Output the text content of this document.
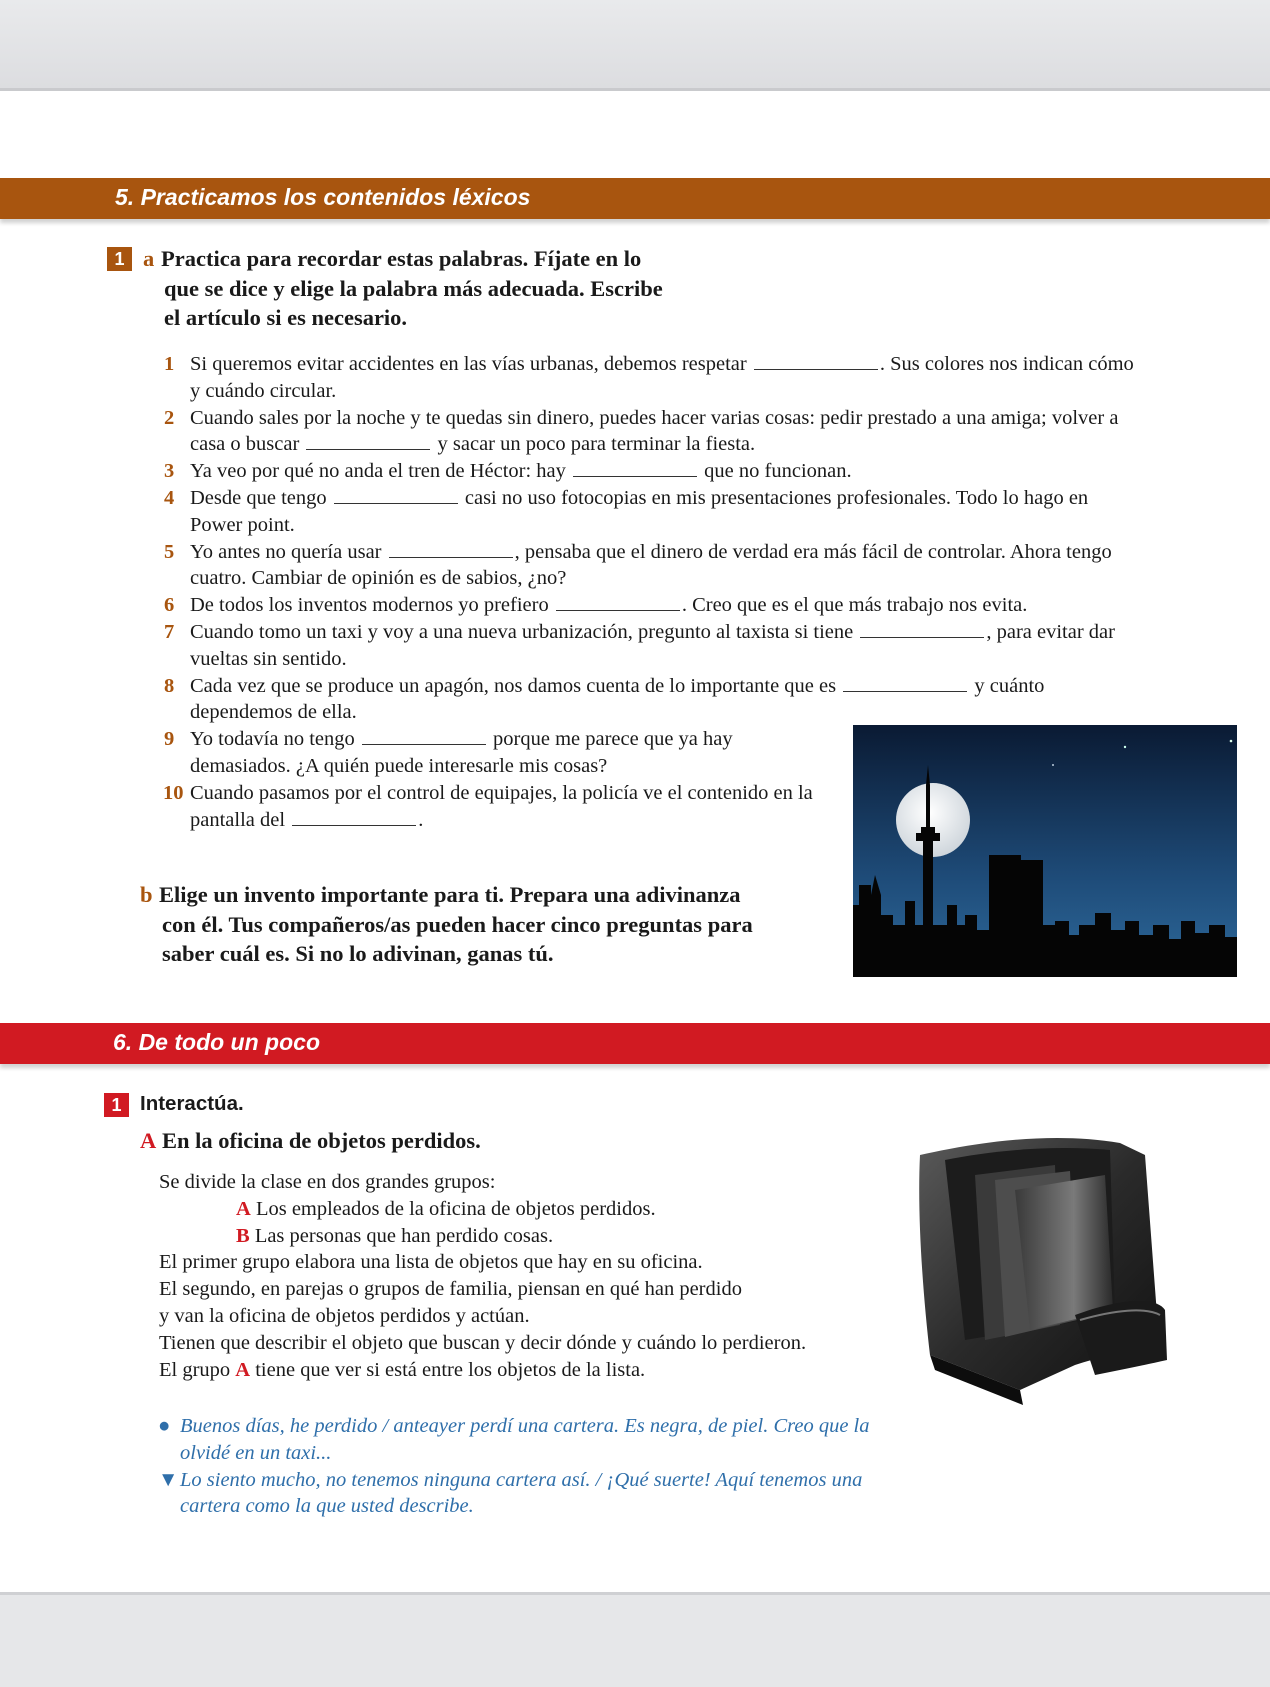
5. Practicamos los contenidos léxicos
1 a Practica para recordar estas palabras. Fíjate en lo
que se dice y elige la palabra más adecuada. Escribe
el artículo si es necesario.
1 Si queremos evitar accidentes en las vías urbanas, debemos respetar	. Sus colores nos indican cómo y cuándo circular.
2 Cuando sales por la noche y te quedas sin dinero, puedes hacer varias cosas: pedir prestado a una amiga; volver a casa o buscar	y sacar un poco para terminar la fiesta.
3 Ya veo por qué no anda el tren de Héctor: hay	que no funcionan.
4 Desde que tengo	casi no uso fotocopias en mis presentaciones profesionales. Todo lo hago en Power point.
5 Yo antes no quería usar	, pensaba que el dinero de verdad era más fácil de controlar. Ahora tengo cuatro. Cambiar de opinión es de sabios, ¿no?
6 De todos los inventos modernos yo prefiero	. Creo que es el que más trabajo nos evita.
7 Cuando tomo un taxi y voy a una nueva urbanización, pregunto al taxista si tiene	, para evitar dar vueltas sin sentido.
8 Cada vez que se produce un apagón, nos damos cuenta de lo importante que es	y cuánto dependemos de ella.
9 Yo todavía no tengo	porque me parece que ya hay demasiados. ¿A quién puede interesarle mis cosas?
10 Cuando pasamos por el control de equipajes, la policía ve el contenido en la pantalla del	.
b Elige un invento importante para ti. Prepara una adivinanza
con él. Tus compañeros/as pueden hacer cinco preguntas para
saber cuál es. Si no lo adivinan, ganas tú.
6. De todo un poco
1 Interactúa.
A En la oficina de objetos perdidos.
Se divide la clase en dos grandes grupos:
A Los empleados de la oficina de objetos perdidos.
B Las personas que han perdido cosas.
El primer grupo elabora una lista de objetos que hay en su oficina.
El segundo, en parejas o grupos de familia, piensan en qué han perdido
y van la oficina de objetos perdidos y actúan.
Tienen que describir el objeto que buscan y decir dónde y cuándo lo perdieron.
El grupo A tiene que ver si está entre los objetos de la lista.
● Buenos días, he perdido / anteayer perdí una cartera. Es negra, de piel. Creo que la olvidé en un taxi...
▼ Lo siento mucho, no tenemos ninguna cartera así. / ¡Qué suerte! Aquí tenemos una cartera como la que usted describe.
